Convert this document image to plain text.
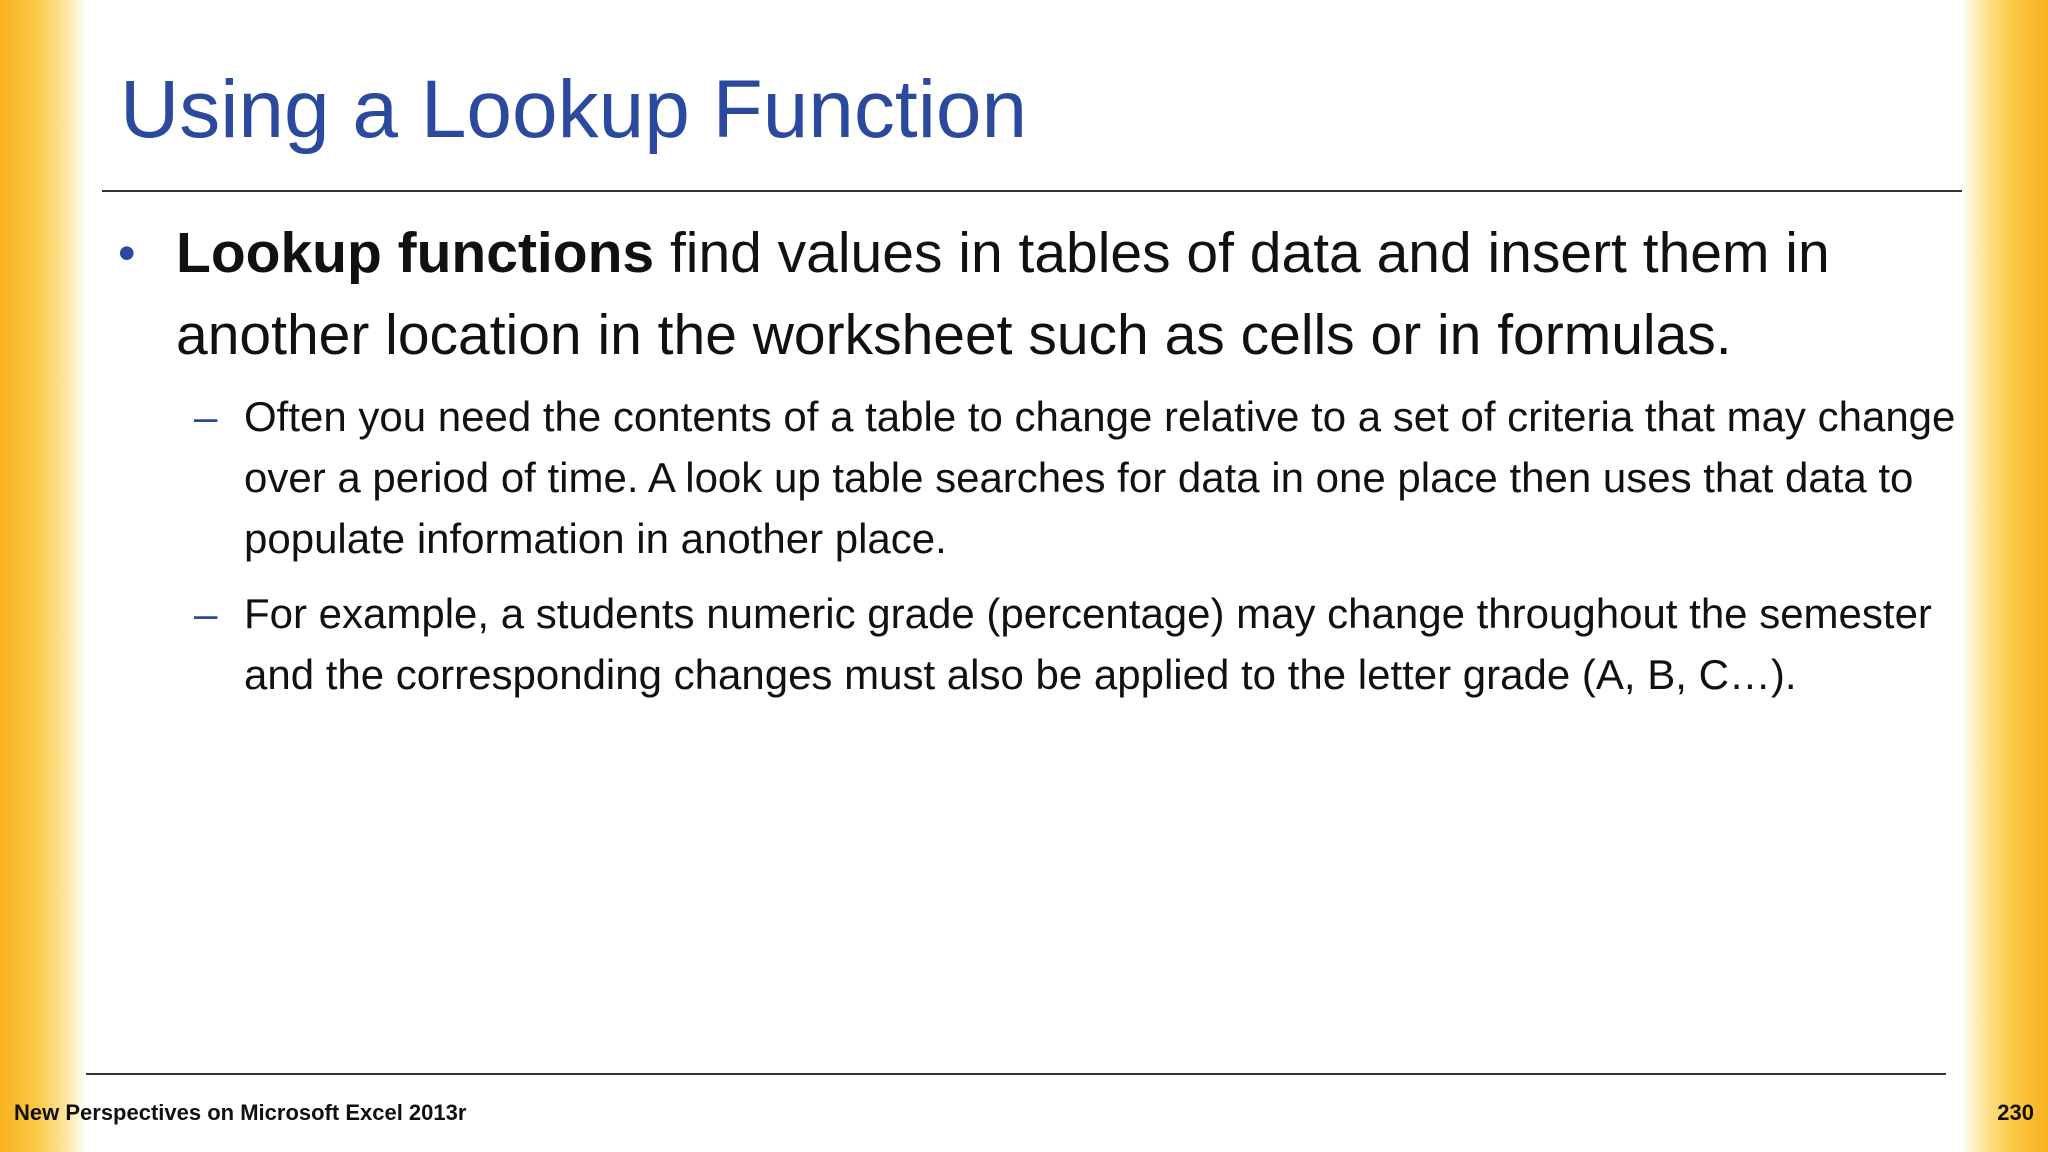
Using a Lookup Function
• Lookup functions find values in tables of data and insert them in another location in the worksheet such as cells or in formulas.
– Often you need the contents of a table to change relative to a set of criteria that may change over a period of time. A look up table searches for data in one place then uses that data to populate information in another place.
– For example, a students numeric grade (percentage) may change throughout the semester and the corresponding changes must also be applied to the letter grade (A, B, C…).
New Perspectives on Microsoft Excel 2013r	230
